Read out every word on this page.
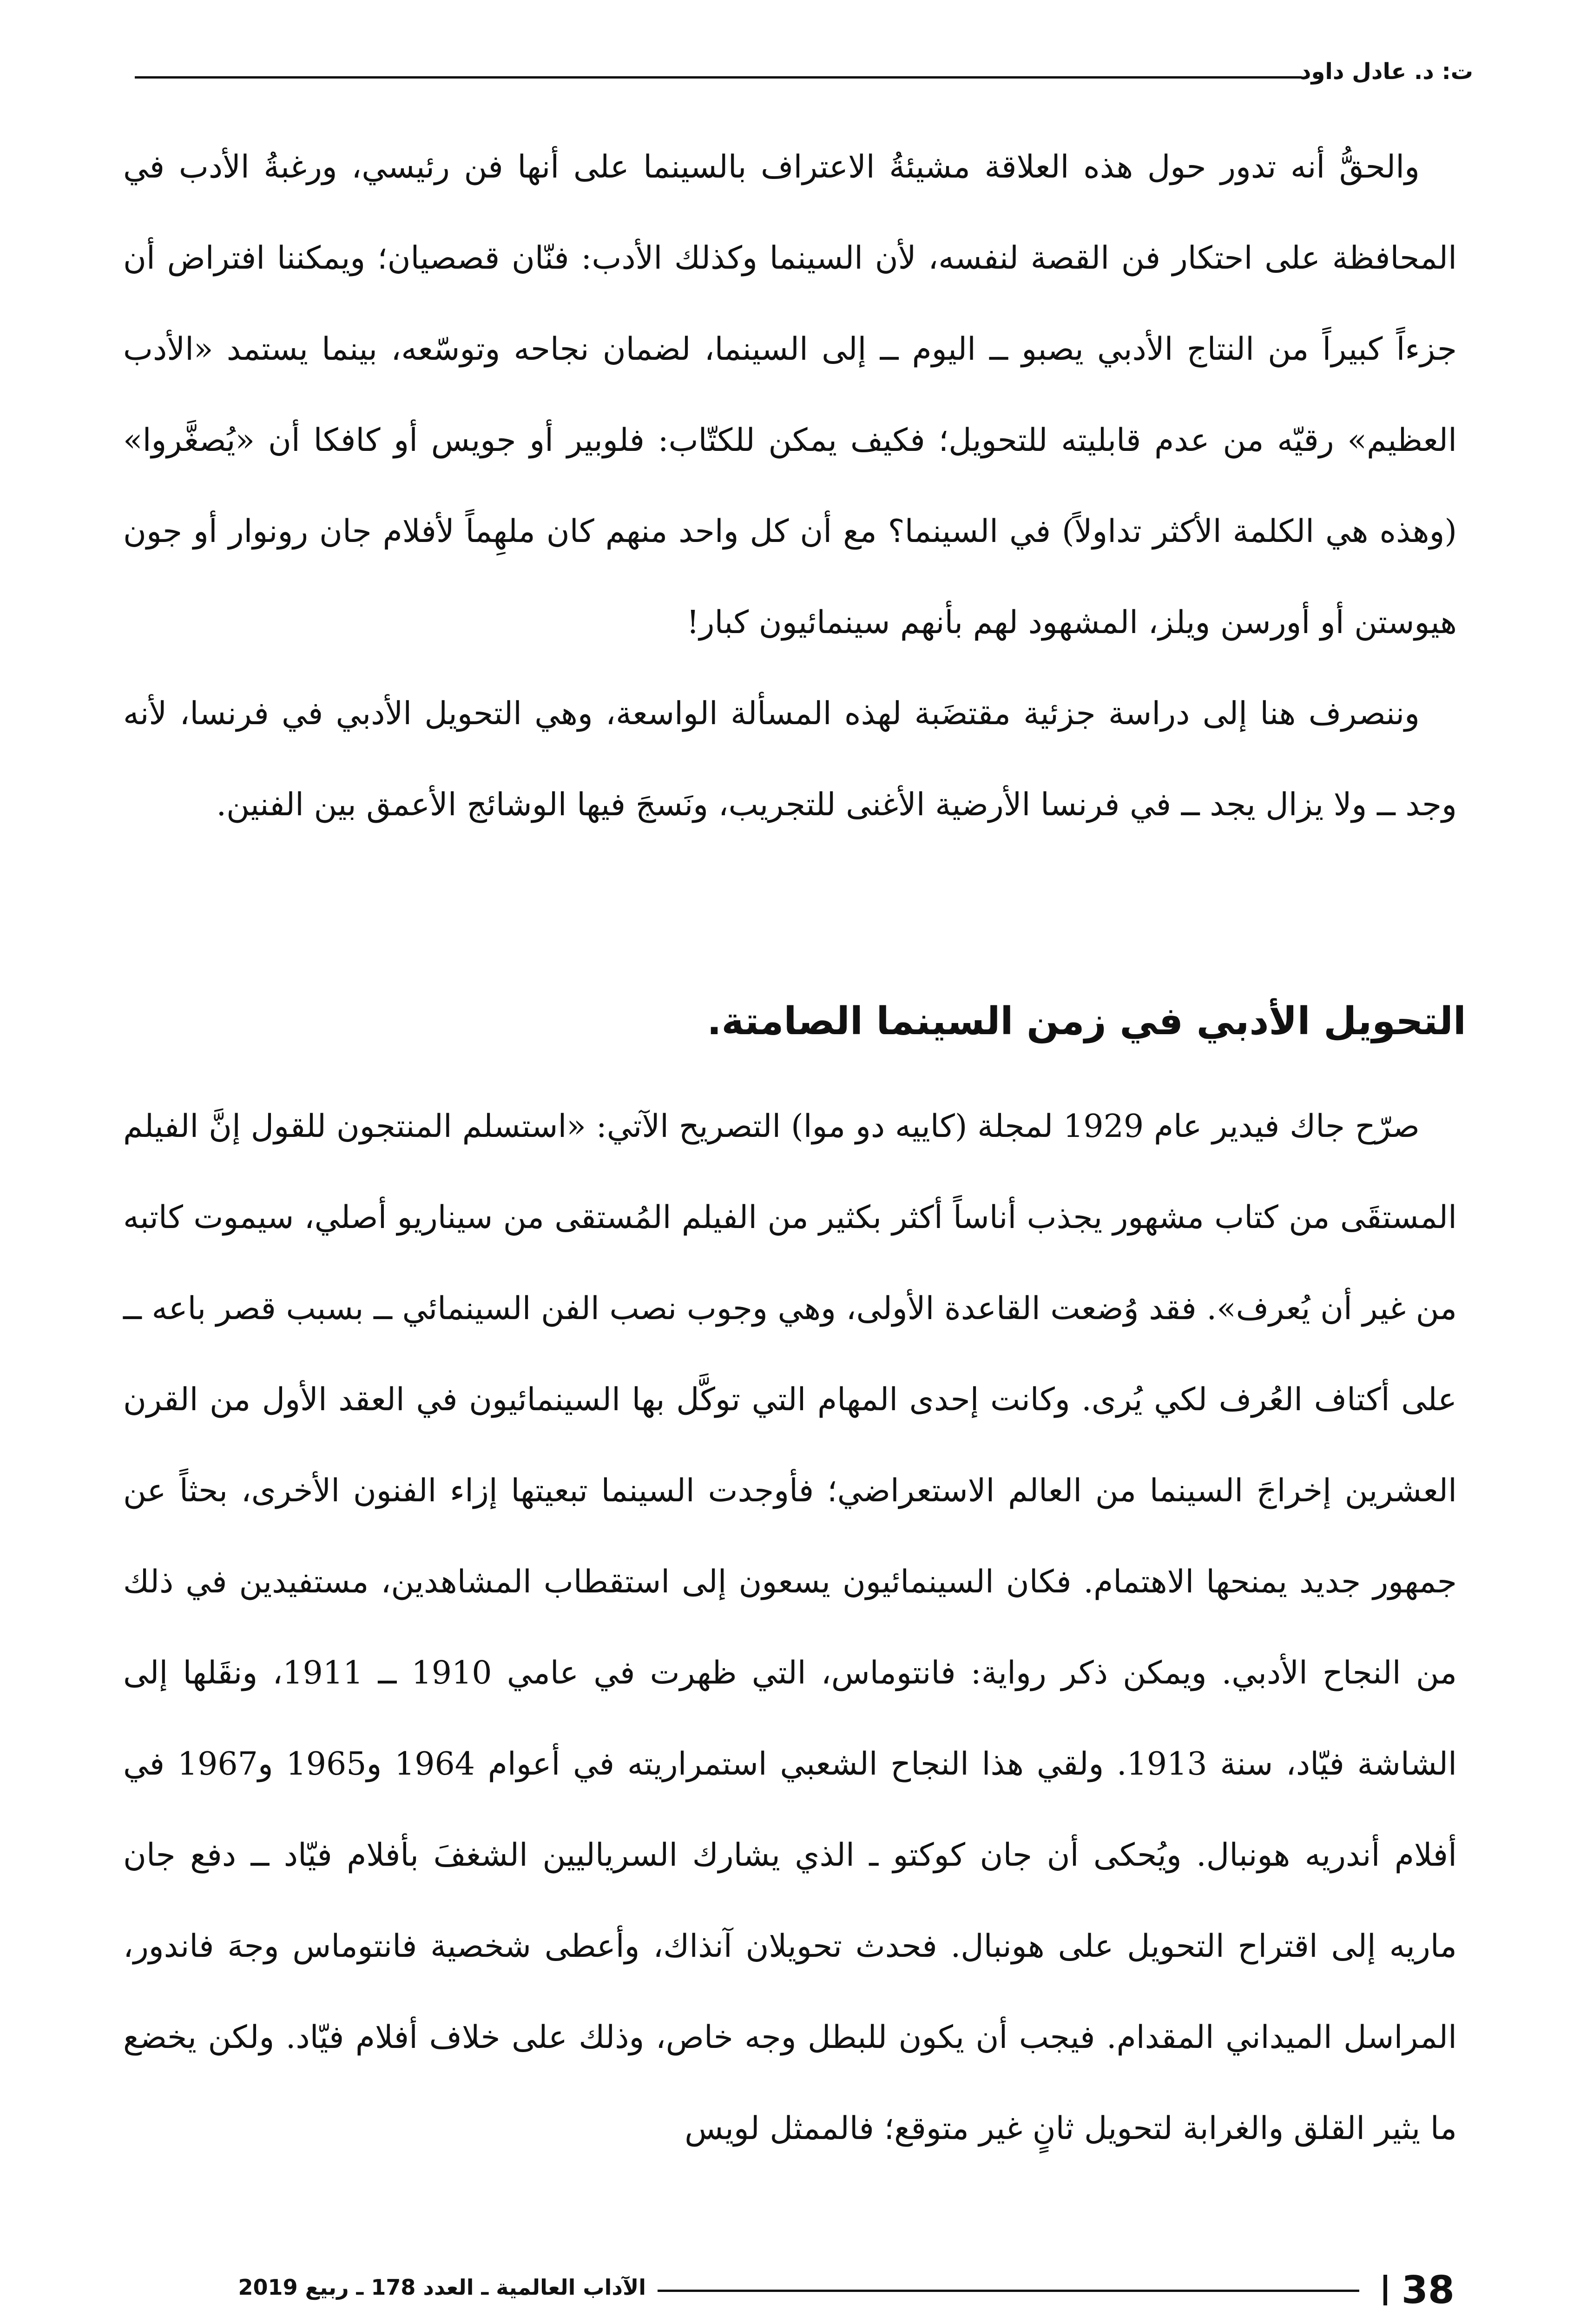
ت: د. عادل داود

والحقُّ أنه تدور حول هذه العلاقة مشيئةُ الاعتراف بالسينما على أنها فن رئيسي، ورغبةُ الأدب في المحافظة على احتكار فن القصة لنفسه، لأن السينما وكذلك الأدب: فنّان قصصيان؛ ويمكننا افتراض أن جزءاً كبيراً من النتاج الأدبي يصبو ــ اليوم ــ إلى السينما، لضمان نجاحه وتوسّعه، بينما يستمد «الأدب العظيم» رقيّه من عدم قابليته للتحويل؛ فكيف يمكن للكتّاب: فلوبير أو جويس أو كافكا أن «يُصغَّروا» (وهذه هي الكلمة الأكثر تداولاً) في السينما؟ مع أن كل واحد منهم كان ملهِماً لأفلام جان رونوار أو جون هيوستن أو أورسن ويلز، المشهود لهم بأنهم سينمائيون كبار!

وننصرف هنا إلى دراسة جزئية مقتضَبة لهذه المسألة الواسعة، وهي التحويل الأدبي في فرنسا، لأنه وجد ــ ولا يزال يجد ــ في فرنسا الأرضية الأغنى للتجريب، ونَسجَ فيها الوشائج الأعمق بين الفنين.

التحويل الأدبي في زمن السينما الصامتة.

صرّح جاك فيدير عام 1929 لمجلة (كاييه دو موا) التصريح الآتي: «استسلم المنتجون للقول إنَّ الفيلم المستقَى من كتاب مشهور يجذب أناساً أكثر بكثير من الفيلم المُستقى من سيناريو أصلي، سيموت كاتبه من غير أن يُعرف». فقد وُضعت القاعدة الأولى، وهي وجوب نصب الفن السينمائي ــ بسبب قصر باعه ــ على أكتاف العُرف لكي يُرى. وكانت إحدى المهام التي توكَّل بها السينمائيون في العقد الأول من القرن العشرين إخراجَ السينما من العالم الاستعراضي؛ فأوجدت السينما تبعيتها إزاء الفنون الأخرى، بحثاً عن جمهور جديد يمنحها الاهتمام. فكان السينمائيون يسعون إلى استقطاب المشاهدين، مستفيدين في ذلك من النجاح الأدبي. ويمكن ذكر رواية: فانتوماس، التي ظهرت في عامي 1910 ــ 1911، ونقَلها إلى الشاشة فيّاد، سنة 1913. ولقي هذا النجاح الشعبي استمراريته في أعوام 1964 و1965 و1967 في أفلام أندريه هونبال. ويُحكى أن جان كوكتو ـ الذي يشارك السرياليين الشغفَ بأفلام فيّاد ــ دفع جان ماريه إلى اقتراح التحويل على هونبال. فحدث تحويلان آنذاك، وأعطى شخصية فانتوماس وجهَ فاندور، المراسل الميداني المقدام. فيجب أن يكون للبطل وجه خاص، وذلك على خلاف أفلام فيّاد. ولكن يخضع ما يثير القلق والغرابة لتحويل ثانٍ غير متوقع؛ فالممثل لويس

الآداب العالمية ـ العدد 178 ـ ربيع 2019	38
